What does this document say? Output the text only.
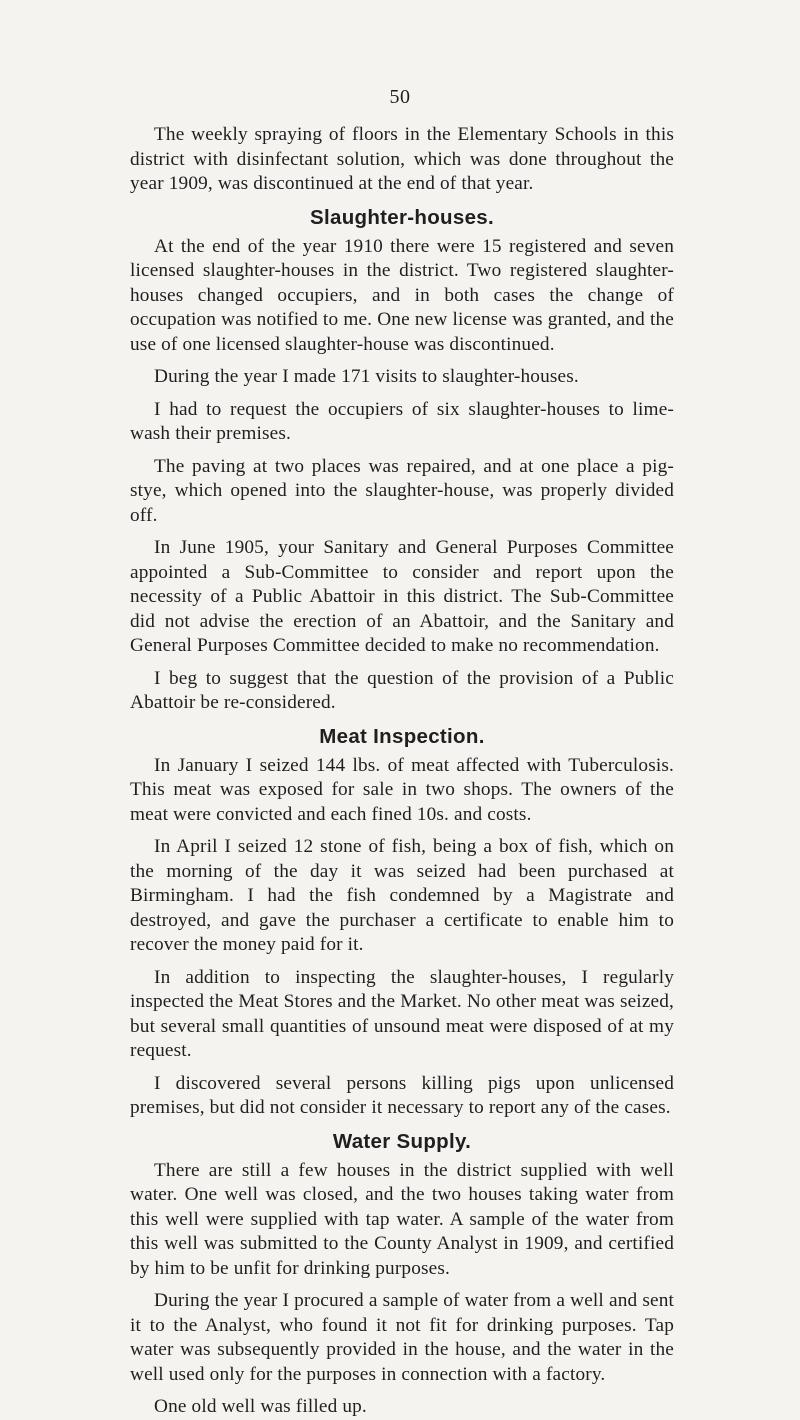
50

The weekly spraying of floors in the Elementary Schools in this district with disinfectant solution, which was done throughout the year 1909, was discontinued at the end of that year.

Slaughter-houses.

At the end of the year 1910 there were 15 registered and seven licensed slaughter-houses in the district. Two registered slaughter-houses changed occupiers, and in both cases the change of occupation was notified to me. One new license was granted, and the use of one licensed slaughter-house was discontinued.

During the year I made 171 visits to slaughter-houses.

I had to request the occupiers of six slaughter-houses to lime-wash their premises.

The paving at two places was repaired, and at one place a pig-stye, which opened into the slaughter-house, was properly divided off.

In June 1905, your Sanitary and General Purposes Committee appointed a Sub-Committee to consider and report upon the necessity of a Public Abattoir in this district. The Sub-Committee did not advise the erection of an Abattoir, and the Sanitary and General Purposes Committee decided to make no recommendation.

I beg to suggest that the question of the provision of a Public Abattoir be re-considered.

Meat Inspection.

In January I seized 144 lbs. of meat affected with Tuberculosis. This meat was exposed for sale in two shops. The owners of the meat were convicted and each fined 10s. and costs.

In April I seized 12 stone of fish, being a box of fish, which on the morning of the day it was seized had been purchased at Birmingham. I had the fish condemned by a Magistrate and destroyed, and gave the purchaser a certificate to enable him to recover the money paid for it.

In addition to inspecting the slaughter-houses, I regularly inspected the Meat Stores and the Market. No other meat was seized, but several small quantities of unsound meat were disposed of at my request.

I discovered several persons killing pigs upon unlicensed premises, but did not consider it necessary to report any of the cases.

Water Supply.

There are still a few houses in the district supplied with well water. One well was closed, and the two houses taking water from this well were supplied with tap water. A sample of the water from this well was submitted to the County Analyst in 1909, and certified by him to be unfit for drinking purposes.

During the year I procured a sample of water from a well and sent it to the Analyst, who found it not fit for drinking purposes. Tap water was subsequently provided in the house, and the water in the well used only for the purposes in connection with a factory.

One old well was filled up.
